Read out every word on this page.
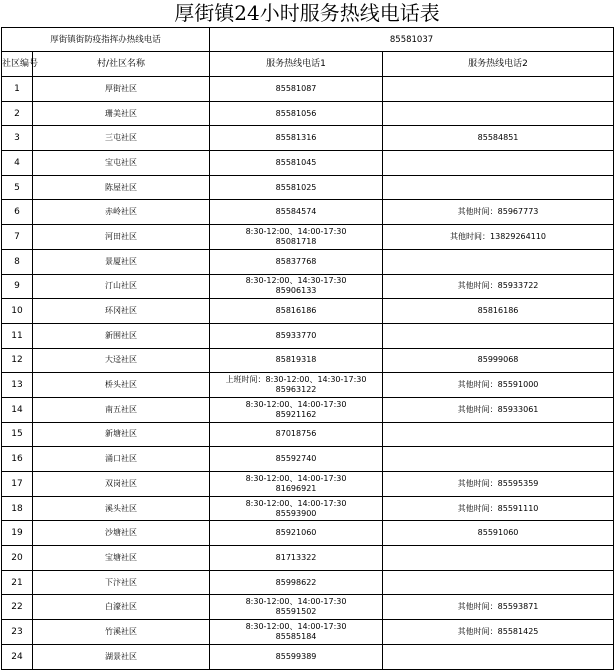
厚街镇24小时服务热线电话表
厚街镇街防疫指挥办热线电话		85581037	
社区编号	村/社区名称	服务热线电话1	服务热线电话2
1	厚街社区	85581087	

2	珊美社区	85581056	

3	三屯社区	85581316	85584851
4	宝屯社区	85581045	

5	陈屋社区	85581025	

6	赤岭社区	85584574	其他时间：85967773
7	河田社区	8:30-12:00、14:00-17:30
85081718	其他时间：13829264110
8	景厦社区	85837768	

9	汀山社区	8:30-12:00、14:30-17:30
85906133	其他时间：85933722
10	环冈社区	85816186	85816186
11	新围社区	85933770	

12	大迳社区	85819318	85999068
13	桥头社区	上班时间：8:30-12:00、14:30-17:30
85963122	其他时间：85591000
14	南五社区	8:30-12:00、14:00-17:30
85921162	其他时间：85933061
15	新塘社区	87018756	

16	涌口社区	85592740	

17	双岗社区	8:30-12:00、14:00-17:30
81696921	其他时间：85595359
18	溪头社区	8:30-12:00、14:00-17:30
85593900	其他时间：85591110
19	沙塘社区	85921060	85591060
20	宝塘社区	81713322	

21	下汴社区	85998622	

22	白濠社区	8:30-12:00、14:00-17:30
85591502	其他时间：85593871
23	竹溪社区	8:30-12:00、14:00-17:30
85585184	其他时间：85581425
24	湖景社区	85599389	
